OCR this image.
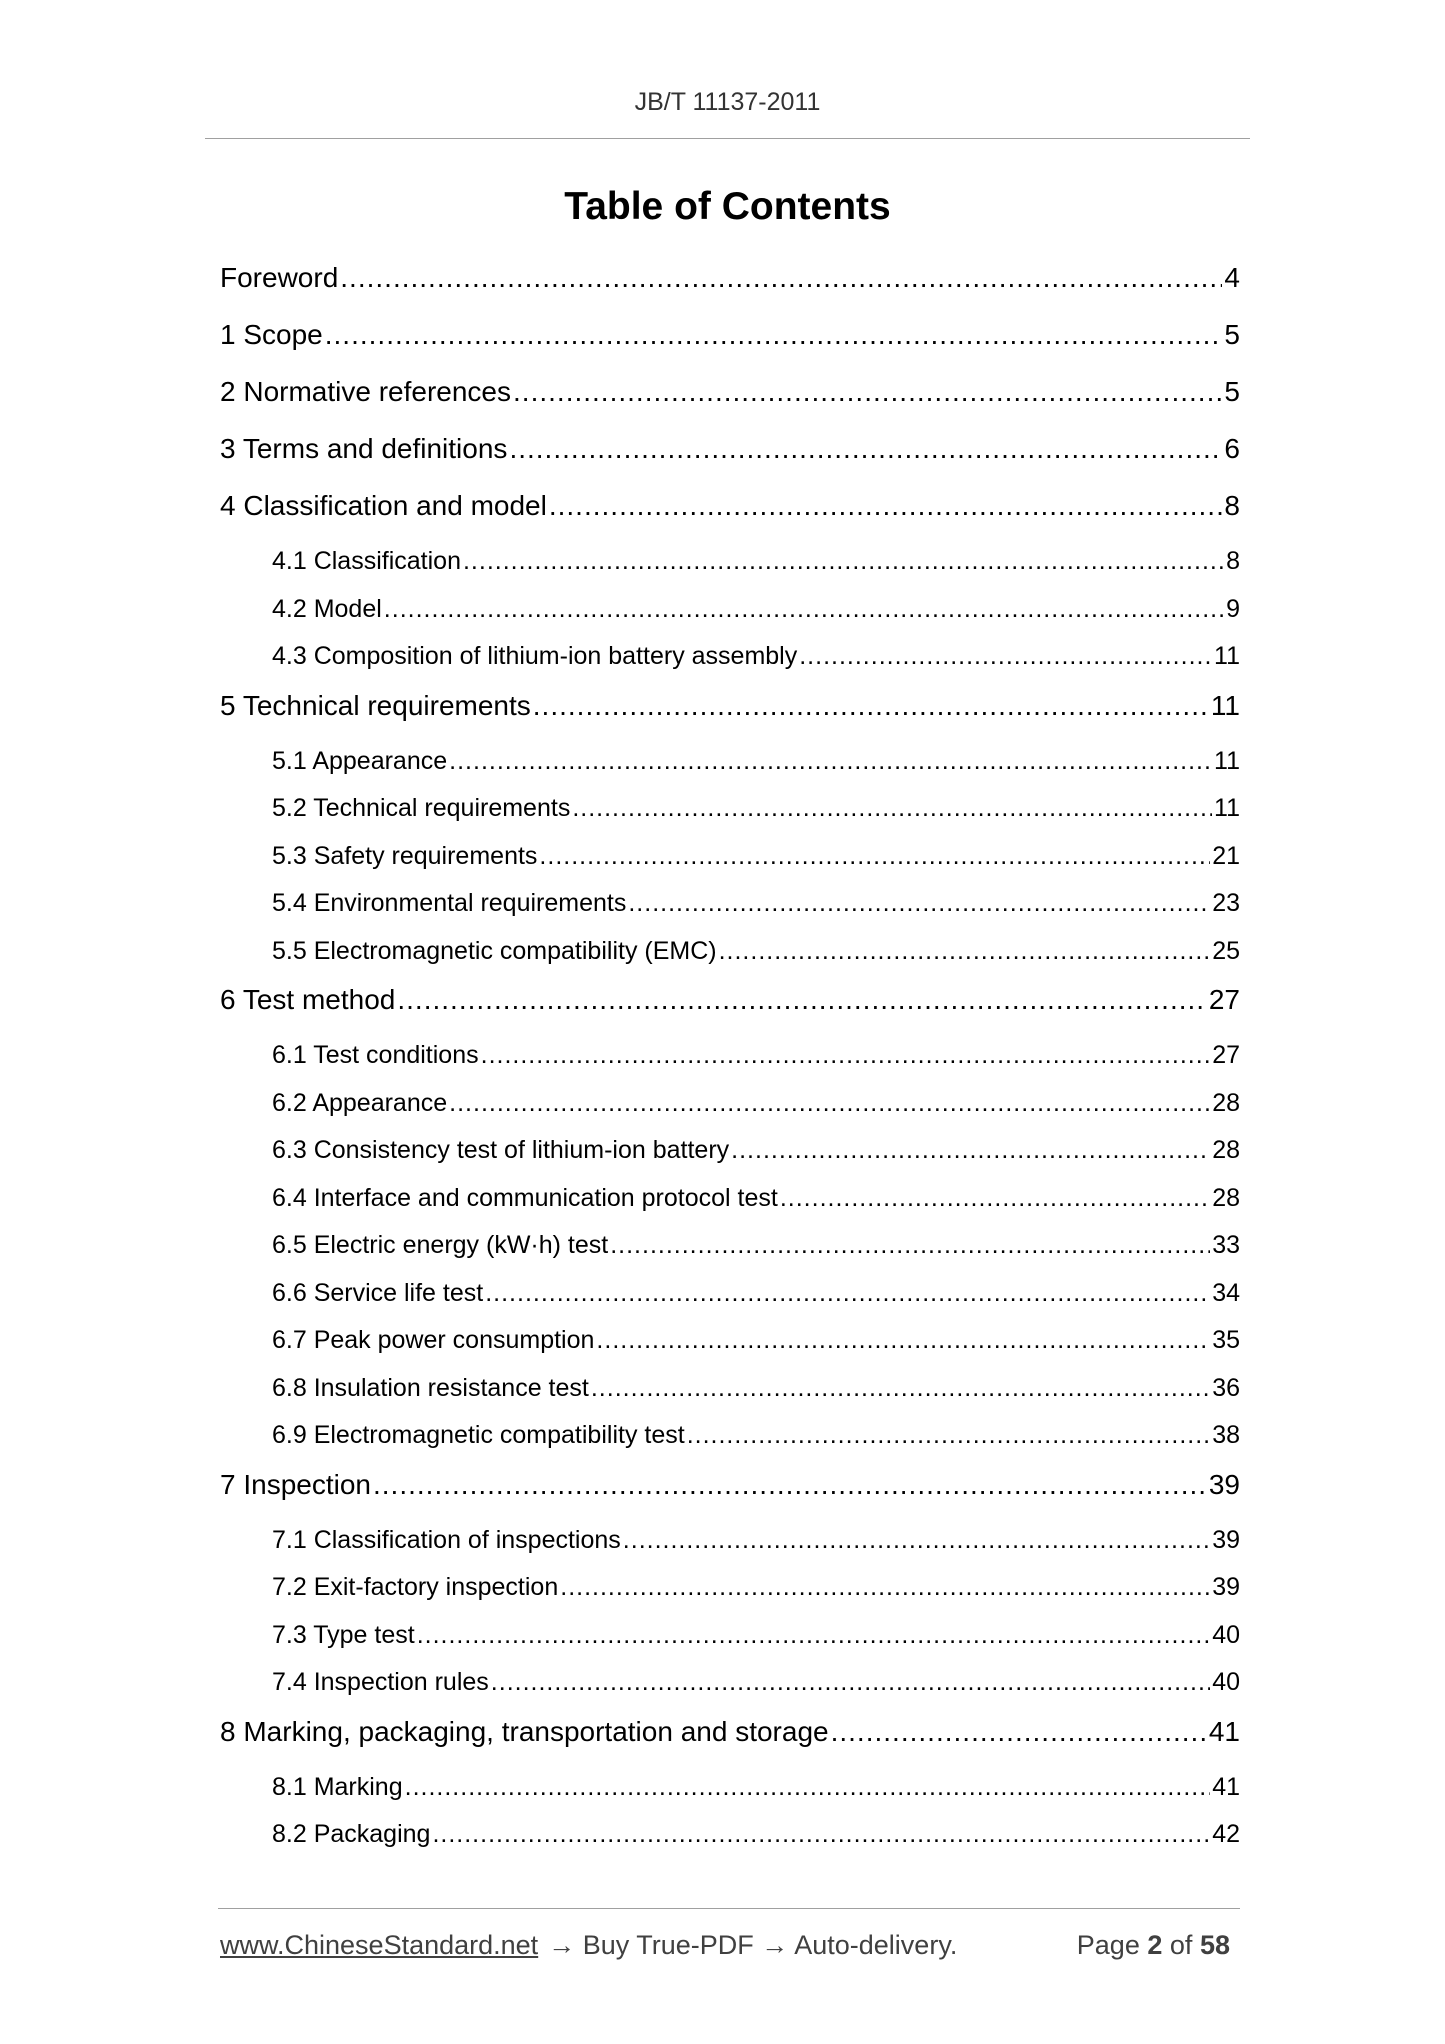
JB/T 11137-2011
Table of Contents
Foreword .....	4
1 Scope .....	5
2 Normative references .....	5
3 Terms and definitions .....	6
4 Classification and model .....	8
4.1 Classification .....	8
4.2 Model .....	9
4.3 Composition of lithium-ion battery assembly .....	11
5 Technical requirements .....	11
5.1 Appearance .....	11
5.2 Technical requirements .....	11
5.3 Safety requirements .....	21
5.4 Environmental requirements .....	23
5.5 Electromagnetic compatibility (EMC) .....	25
6 Test method .....	27
6.1 Test conditions .....	27
6.2 Appearance .....	28
6.3 Consistency test of lithium-ion battery .....	28
6.4 Interface and communication protocol test .....	28
6.5 Electric energy (kW·h) test .....	33
6.6 Service life test .....	34
6.7 Peak power consumption .....	35
6.8 Insulation resistance test .....	36
6.9 Electromagnetic compatibility test .....	38
7 Inspection .....	39
7.1 Classification of inspections .....	39
7.2 Exit-factory inspection .....	39
7.3 Type test .....	40
7.4 Inspection rules .....	40
8 Marking, packaging, transportation and storage .....	41
8.1 Marking .....	41
8.2 Packaging .....	42
www.ChineseStandard.net → Buy True-PDF → Auto-delivery.	Page 2 of 58
